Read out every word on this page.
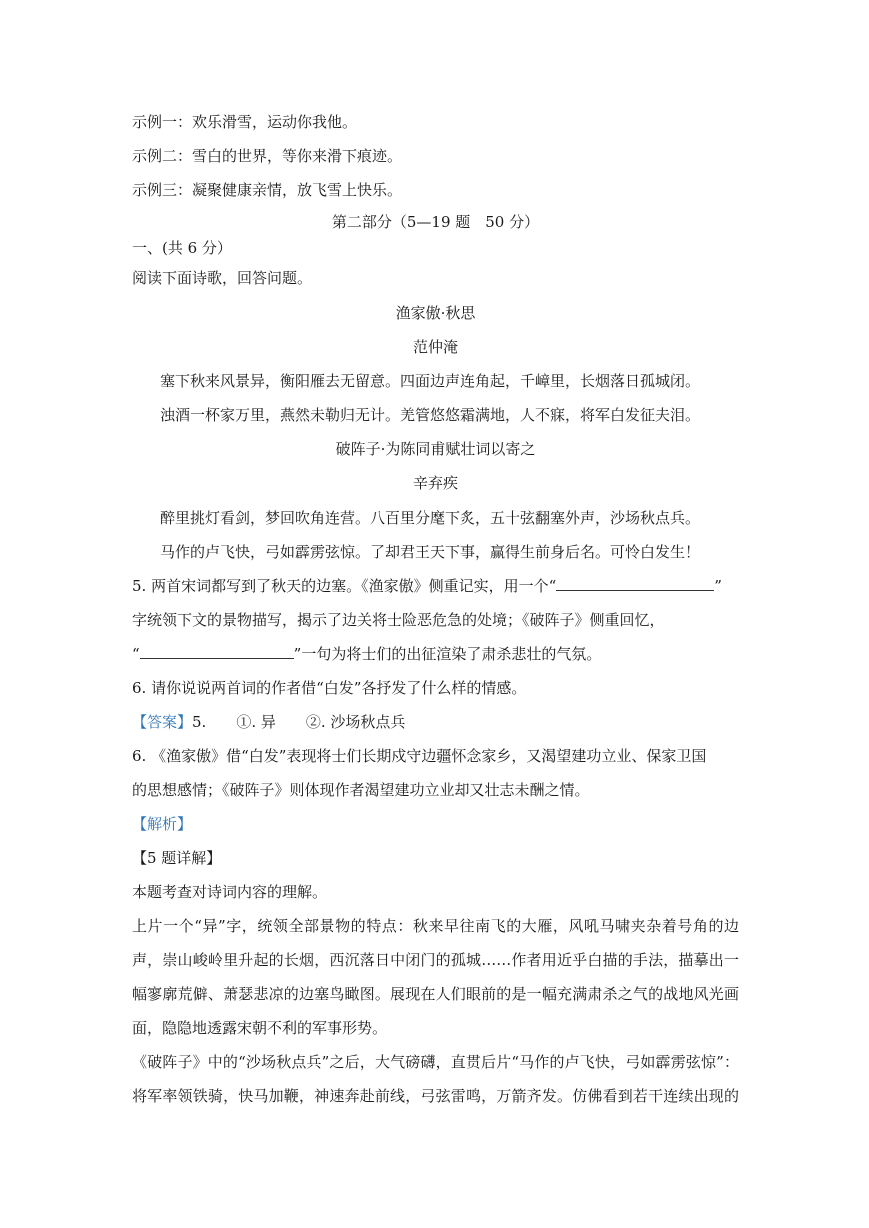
示例一：欢乐滑雪，运动你我他。
示例二：雪白的世界，等你来滑下痕迹。
示例三：凝聚健康亲情，放飞雪上快乐。
第二部分（5—19 题　50 分）
一、(共 6 分）
阅读下面诗歌，回答问题。
渔家傲·秋思
范仲淹
塞下秋来风景异，衡阳雁去无留意。四面边声连角起，千嶂里，长烟落日孤城闭。
浊酒一杯家万里，燕然未勒归无计。羌管悠悠霜满地，人不寐，将军白发征夫泪。
破阵子·为陈同甫赋壮词以寄之
辛弃疾
醉里挑灯看剑，梦回吹角连营。八百里分麾下炙，五十弦翻塞外声，沙场秋点兵。
马作的卢飞快，弓如霹雳弦惊。了却君王天下事，赢得生前身后名。可怜白发生！
5. 两首宋词都写到了秋天的边塞。《渔家傲》侧重记实，用一个“	”
字统领下文的景物描写，揭示了边关将士险恶危急的处境；《破阵子》侧重回忆，
“	”一句为将士们的出征渲染了肃杀悲壮的气氛。
6. 请你说说两首词的作者借“白发”各抒发了什么样的情感。
【答案】5.　　①. 异　　②. 沙场秋点兵
6. 《渔家傲》借“白发”表现将士们长期戍守边疆怀念家乡，又渴望建功立业、保家卫国
的思想感情；《破阵子》则体现作者渴望建功立业却又壮志未酬之情。
【解析】
【5 题详解】
本题考查对诗词内容的理解。
上片一个“异”字，统领全部景物的特点：秋来早往南飞的大雁，风吼马啸夹杂着号角的边
声，崇山峻岭里升起的长烟，西沉落日中闭门的孤城……作者用近乎白描的手法，描摹出一
幅寥廓荒僻、萧瑟悲凉的边塞鸟瞰图。展现在人们眼前的是一幅充满肃杀之气的战地风光画
面，隐隐地透露宋朝不利的军事形势。
《破阵子》中的“沙场秋点兵”之后，大气磅礴，直贯后片“马作的卢飞快，弓如霹雳弦惊”：
将军率领铁骑，快马加鞭，神速奔赴前线，弓弦雷鸣，万箭齐发。仿佛看到若干连续出现的
